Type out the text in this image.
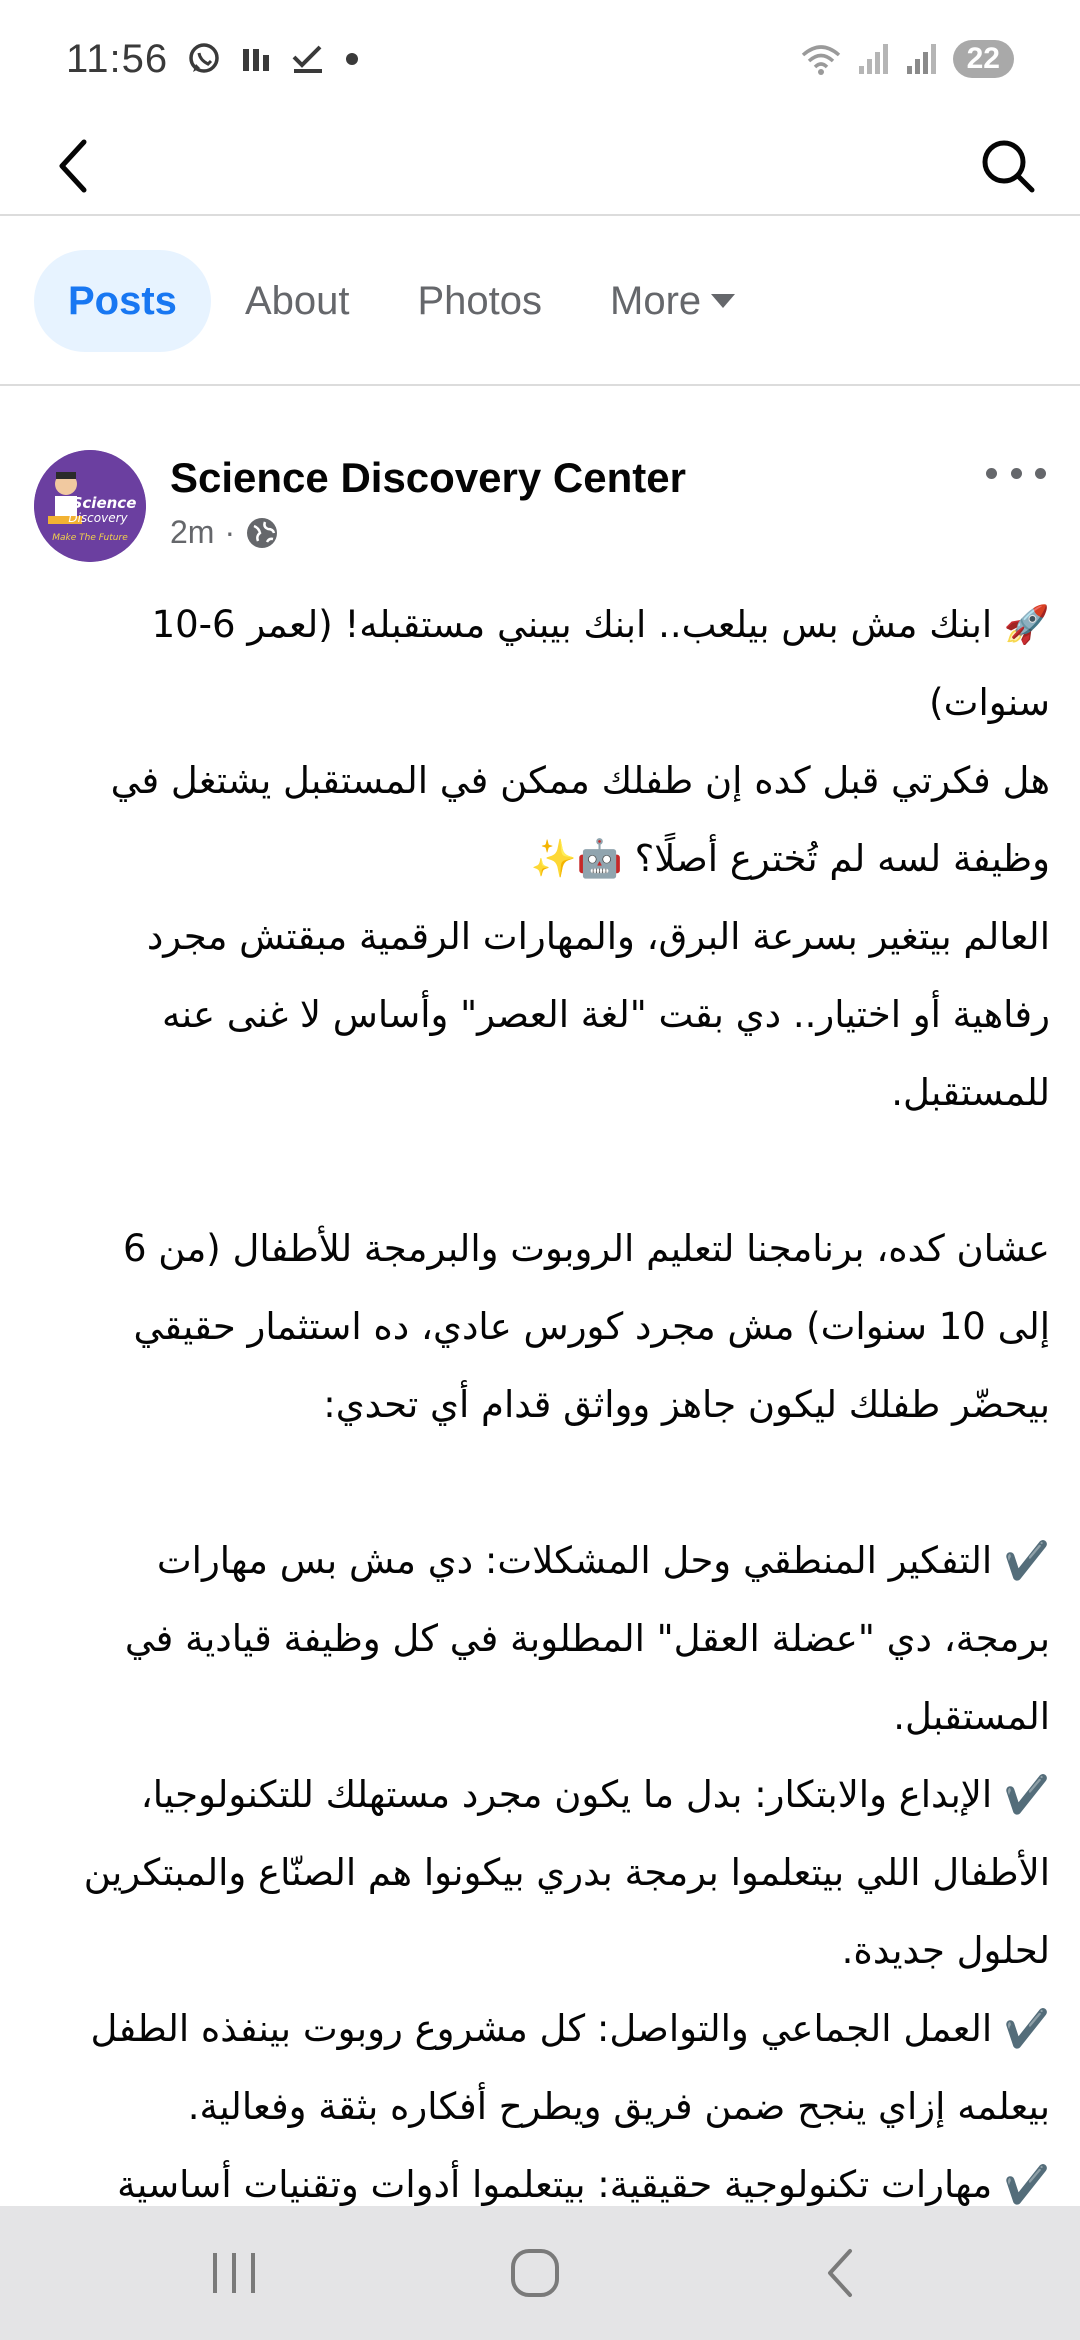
11:56	22
Posts About Photos More
Science
Discovery
Make The Future
Science Discovery Center
2m ·

🚀 ابنك مش بس بيلعب.. ابنك بيبني مستقبله! (لعمر 6-10 سنوات)

هل فكرتي قبل كده إن طفلك ممكن في المستقبل يشتغل في وظيفة لسه لم تُخترع أصلًا؟ 🤖✨

العالم بيتغير بسرعة البرق، والمهارات الرقمية مبقتش مجرد رفاهية أو اختيار.. دي بقت "لغة العصر" وأساس لا غنى عنه للمستقبل.

عشان كده، برنامجنا لتعليم الروبوت والبرمجة للأطفال (من 6 إلى 10 سنوات) مش مجرد كورس عادي، ده استثمار حقيقي بيحضّر طفلك ليكون جاهز وواثق قدام أي تحدي:

✔️ التفكير المنطقي وحل المشكلات: دي مش بس مهارات برمجة، دي "عضلة العقل" المطلوبة في كل وظيفة قيادية في المستقبل.

✔️ الإبداع والابتكار: بدل ما يكون مجرد مستهلك للتكنولوجيا، الأطفال اللي بيتعلموا برمجة بدري بيكونوا هم الصنّاع والمبتكرين لحلول جديدة.

✔️ العمل الجماعي والتواصل: كل مشروع روبوت بينفذه الطفل بيعلمه إزاي ينجح ضمن فريق ويطرح أفكاره بثقة وفعالية.

✔️ مهارات تكنولوجية حقيقية: بيتعلموا أدوات وتقنيات أساسية
